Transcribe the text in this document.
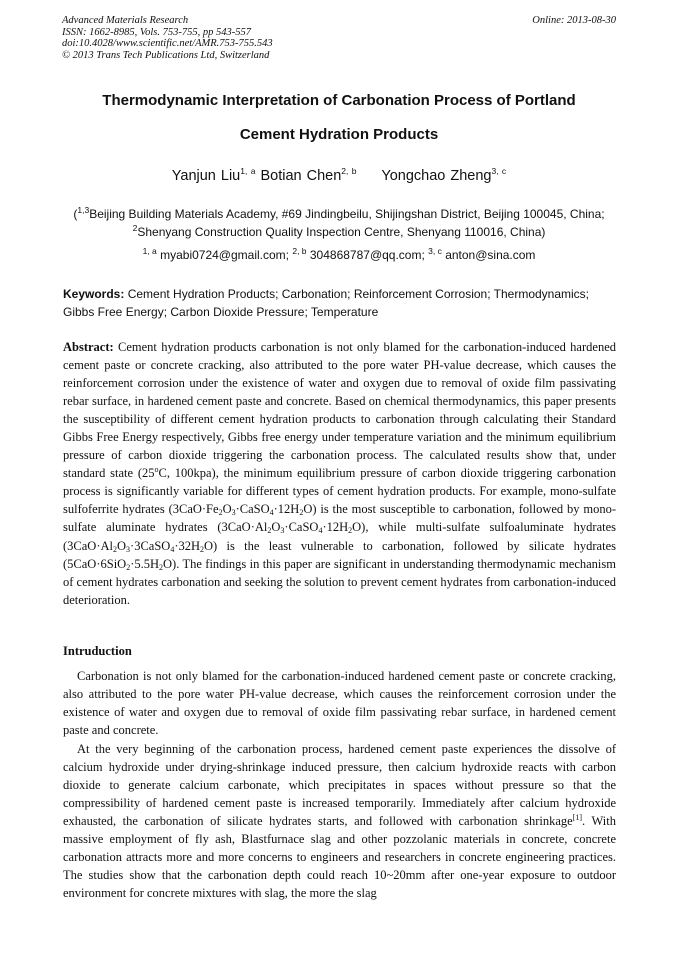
Advanced Materials Research
ISSN: 1662-8985, Vols. 753-755, pp 543-557
doi:10.4028/www.scientific.net/AMR.753-755.543
© 2013 Trans Tech Publications Ltd, Switzerland
Online: 2013-08-30
Thermodynamic Interpretation of Carbonation Process of Portland
Cement Hydration Products
Yanjun Liu$^{1, a}$ Botian Chen$^{2, b}$ Yongchao Zheng$^{3, c}$
($^{1,3}$Beijing Building Materials Academy, #69 Jindingbeilu, Shijingshan District, Beijing 100045, China;
$^2$Shenyang Construction Quality Inspection Centre, Shenyang 110016, China)
$^{1, a}$ myabi0724@gmail.com; $^{2, b}$ 304868787@qq.com; $^{3, c}$ anton@sina.com
Keywords: Cement Hydration Products; Carbonation; Reinforcement Corrosion; Thermodynamics; Gibbs Free Energy; Carbon Dioxide Pressure; Temperature
Abstract: Cement hydration products carbonation is not only blamed for the carbonation-induced hardened cement paste or concrete cracking, also attributed to the pore water PH-value decrease, which causes the reinforcement corrosion under the existence of water and oxygen due to removal of oxide film passivating rebar surface, in hardened cement paste and concrete. Based on chemical thermodynamics, this paper presents the susceptibility of different cement hydration products to carbonation through calculating their Standard Gibbs Free Energy respectively, Gibbs free energy under temperature variation and the minimum equilibrium pressure of carbon dioxide triggering the carbonation process. The calculated results show that, under standard state (25$^o$C, 100kpa), the minimum equilibrium pressure of carbon dioxide triggering carbonation process is significantly variable for different types of cement hydration products. For example, mono-sulfate sulfoferrite hydrates $(3CaO\cdot Fe_2O_3\cdot CaSO_4\cdot 12H_2O)$ is the most susceptible to carbonation, followed by mono-sulfate aluminate hydrates $(3CaO\cdot Al_2O_3\cdot CaSO_4\cdot 12H_2O)$, while multi-sulfate sulfoaluminate hydrates $(3CaO\cdot Al_2O_3\cdot 3CaSO_4\cdot 32H_2O)$ is the least vulnerable to carbonation, followed by silicate hydrates $(5CaO\cdot 6SiO_2\cdot 5.5H_2O)$. The findings in this paper are significant in understanding thermodynamic mechanism of cement hydrates carbonation and seeking the solution to prevent cement hydrates from carbonation-induced deterioration.
Intruduction
Carbonation is not only blamed for the carbonation-induced hardened cement paste or concrete cracking, also attributed to the pore water PH-value decrease, which causes the reinforcement corrosion under the existence of water and oxygen due to removal of oxide film passivating rebar surface, in hardened cement paste and concrete.
At the very beginning of the carbonation process, hardened cement paste experiences the dissolve of calcium hydroxide under drying-shrinkage induced pressure, then calcium hydroxide reacts with carbon dioxide to generate calcium carbonate, which precipitates in spaces without pressure so that the compressibility of hardened cement paste is increased temporarily. Immediately after calcium hydroxide exhausted, the carbonation of silicate hydrates starts, and followed with carbonation shrinkage[1]. With massive employment of fly ash, Blastfurnace slag and other pozzolanic materials in concrete, concrete carbonation attracts more and more concerns to engineers and researchers in concrete engineering practices. The studies show that the carbonation depth could reach 10~20mm after one-year exposure to outdoor environment for concrete mixtures with slag, the more the slag
